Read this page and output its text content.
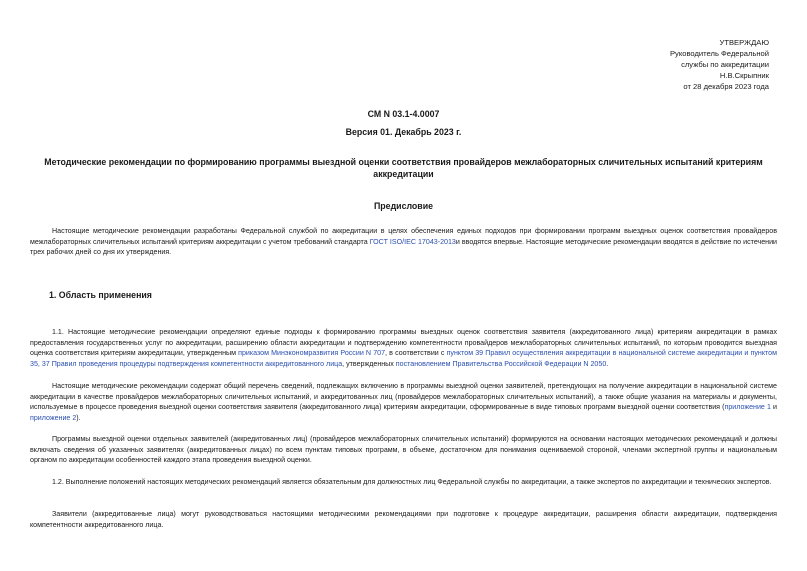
УТВЕРЖДАЮ
Руководитель Федеральной
службы по аккредитации
Н.В.Скрыпник
от 28 декабря 2023 года
СМ N 03.1-4.0007
Версия 01. Декабрь 2023 г.
Методические рекомендации по формированию программы выездной оценки соответствия провайдеров межлабораторных сличительных испытаний критериям аккредитации
Предисловие

Настоящие методические рекомендации разработаны Федеральной службой по аккредитации в целях обеспечения единых подходов при формировании программ выездных оценок соответствия провайдеров межлабораторных сличительных испытаний критериям аккредитации с учетом требований стандарта ГОСТ ISO/IEC 17043-2013и вводятся впервые. Настоящие методические рекомендации вводятся в действие по истечении трех рабочих дней со дня их утверждения.

1. Область применения

1.1. Настоящие методические рекомендации определяют единые подходы к формированию программы выездных оценок соответствия заявителя (аккредитованного лица) критериям аккредитации в рамках предоставления государственных услуг по аккредитации, расширению области аккредитации и подтверждению компетентности провайдеров межлабораторных сличительных испытаний, по которым проводится выездная оценка соответствия критериям аккредитации, утвержденным приказом Минэкономразвития России N 707, в соответствии с пунктом 39 Правил осуществления аккредитации в национальной системе аккредитации и пунктом 35, 37 Правил проведения процедуры подтверждения компетентности аккредитованного лица, утвержденных постановлением Правительства Российской Федерации N 2050.

Настоящие методические рекомендации содержат общий перечень сведений, подлежащих включению в программы выездной оценки заявителей, претендующих на получение аккредитации в национальной системе аккредитации в качестве провайдеров межлабораторных сличительных испытаний, и аккредитованных лиц (провайдеров межлабораторных сличительных испытаний), а также общие указания на материалы и документы, используемые в процессе проведения выездной оценки соответствия заявителя (аккредитованного лица) критериям аккредитации, сформированные в виде типовых программ выездной оценки соответствия (приложение 1 и приложение 2).

Программы выездной оценки отдельных заявителей (аккредитованных лиц) (провайдеров межлабораторных сличительных испытаний) формируются на основании настоящих методических рекомендаций и должны включать сведения об указанных заявителях (аккредитованных лицах) по всем пунктам типовых программ, в объеме, достаточном для понимания оцениваемой стороной, членами экспертной группы и национальным органом по аккредитации особенностей каждого этапа проведения выездной оценки.

1.2. Выполнение положений настоящих методических рекомендаций является обязательным для должностных лиц Федеральной службы по аккредитации, а также экспертов по аккредитации и технических экспертов.

Заявители (аккредитованные лица) могут руководствоваться настоящими методическими рекомендациями при подготовке к процедуре аккредитации, расширения области аккредитации, подтверждения компетентности аккредитованного лица.
